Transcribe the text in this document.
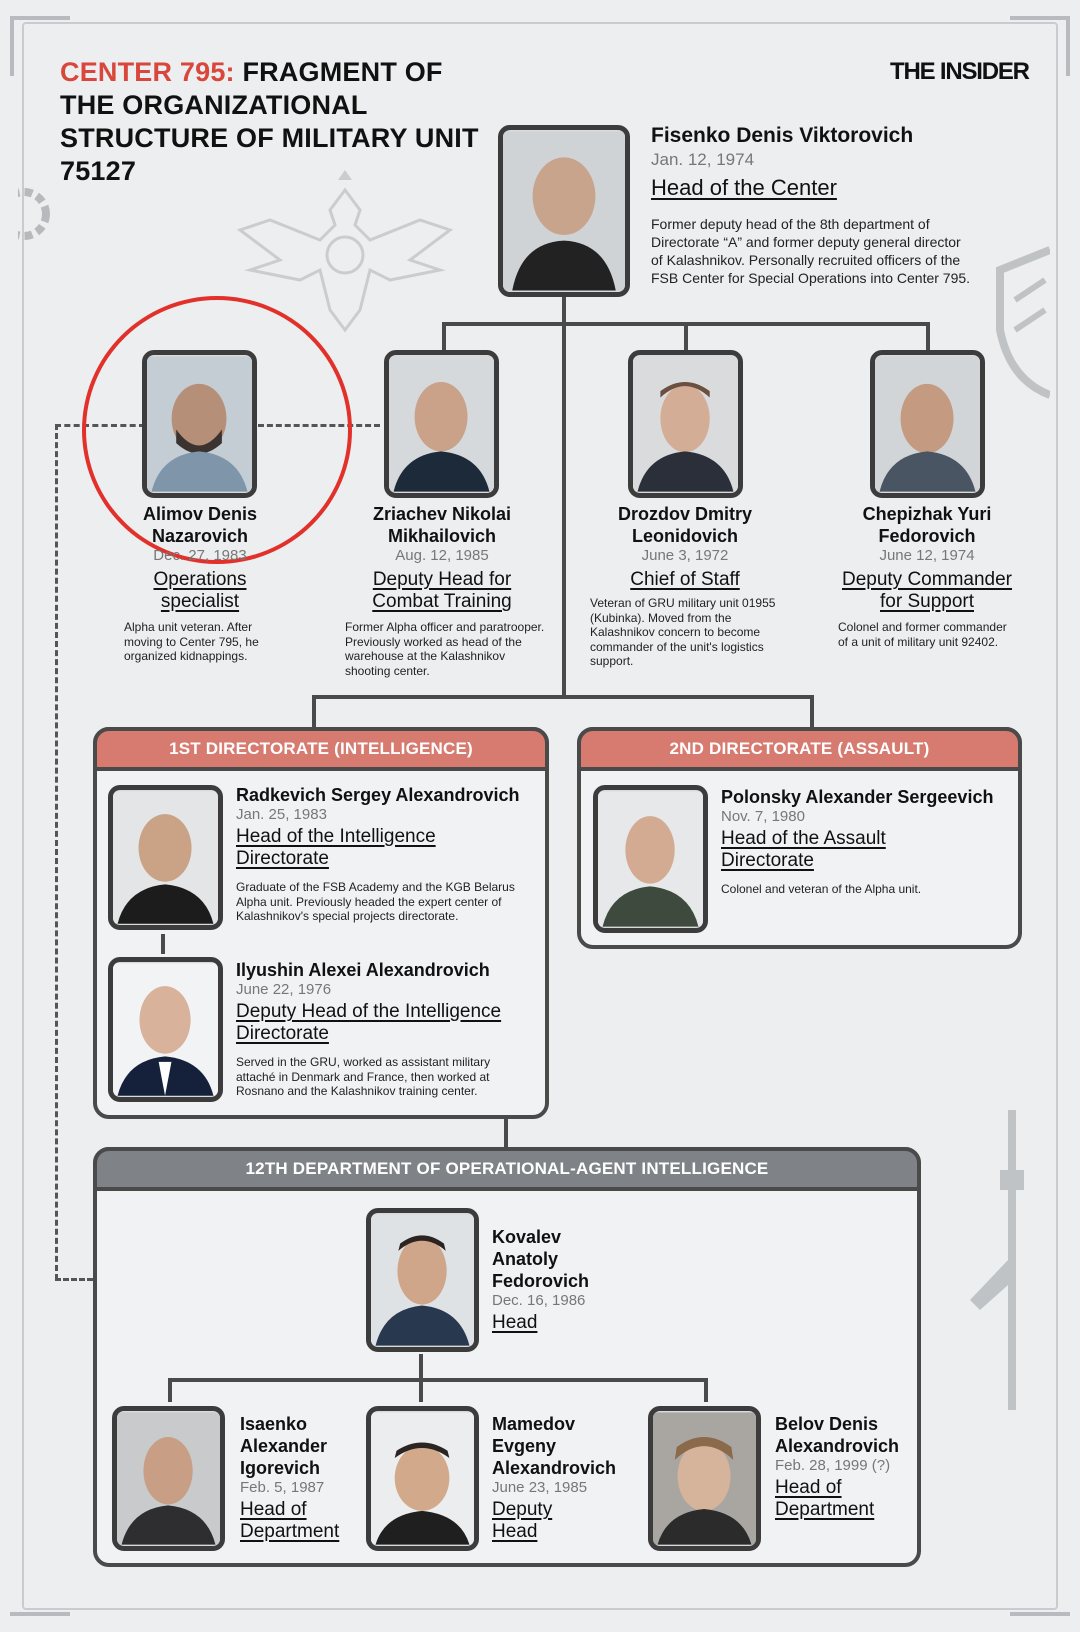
CENTER 795: FRAGMENT OF THE ORGANIZATIONAL STRUCTURE OF MILITARY UNIT 75127
THE INSIDER
Fisenko Denis Viktorovich
Jan. 12, 1974
Head of the Center
Former deputy head of the 8th department of Directorate “A” and former deputy general director of Kalashnikov. Personally recruited officers of the FSB Center for Special Operations into Center 795.
Alimov Denis Nazarovich
Dec. 27, 1983
Operations specialist
Alpha unit veteran. After moving to Center 795, he organized kidnappings.
Zriachev Nikolai Mikhailovich
Aug. 12, 1985
Deputy Head for Combat Training
Former Alpha officer and paratrooper. Previously worked as head of the warehouse at the Kalashnikov shooting center.
Drozdov Dmitry Leonidovich
June 3, 1972
Chief of Staff
Veteran of GRU military unit 01955 (Kubinka). Moved from the Kalashnikov concern to become commander of the unit's logistics support.
Chepizhak Yuri Fedorovich
June 12, 1974
Deputy Commander for Support
Colonel and former commander of a unit of military unit 92402.
1ST DIRECTORATE (INTELLIGENCE)
Radkevich Sergey Alexandrovich
Jan. 25, 1983
Head of the Intelligence Directorate
Graduate of the FSB Academy and the KGB Belarus Alpha unit. Previously headed the expert center of Kalashnikov's special projects directorate.
Ilyushin Alexei Alexandrovich
June 22, 1976
Deputy Head of the Intelligence Directorate
Served in the GRU, worked as assistant military attaché in Denmark and France, then worked at Rosnano and the Kalashnikov training center.
2ND DIRECTORATE (ASSAULT)
Polonsky Alexander Sergeevich
Nov. 7, 1980
Head of the Assault Directorate
Colonel and veteran of the Alpha unit.
12TH DEPARTMENT OF OPERATIONAL-AGENT INTELLIGENCE
Kovalev Anatoly Fedorovich
Dec. 16, 1986
Head
Isaenko Alexander Igorevich
Feb. 5, 1987
Head of Department
Mamedov Evgeny Alexandrovich
June 23, 1985
Deputy Head
Belov Denis Alexandrovich
Feb. 28, 1999 (?)
Head of Department
